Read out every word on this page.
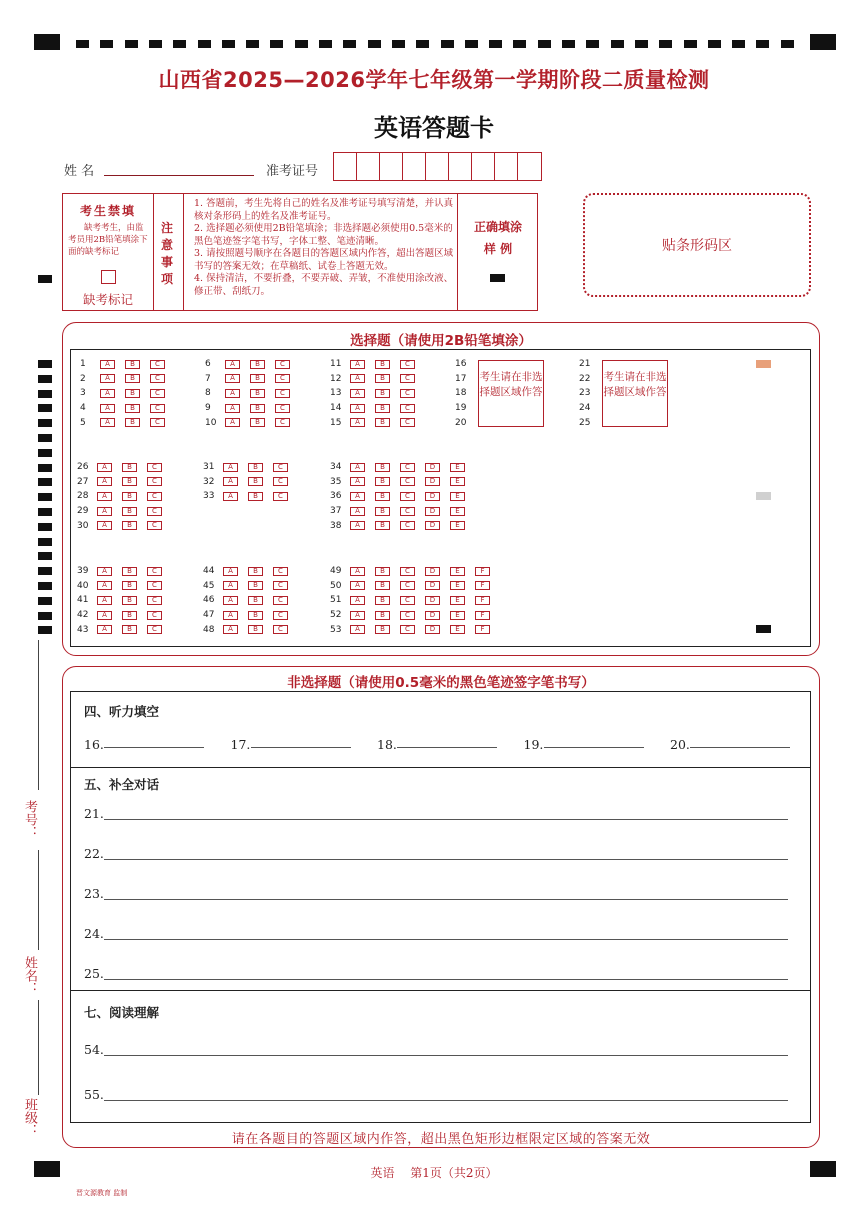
山西省2025—2026学年七年级第一学期阶段二质量检测
英语答题卡
姓 名	准考证号
考生禁填
缺考考生，由监考员用2B铅笔填涂下面的缺考标记
缺考标记
注意事项
1. 答题前，考生先将自己的姓名及准考证号填写清楚，并认真核对条形码上的姓名及准考证号。
2. 选择题必须使用2B铅笔填涂；非选择题必须使用0.5毫米的黑色笔迹签字笔书写，字体工整、笔迹清晰。
3. 请按照题号顺序在各题目的答题区域内作答，超出答题区域书写的答案无效；在草稿纸、试卷上答题无效。
4. 保持清洁，不要折叠，不要弄破、弄皱，不准使用涂改液、修正带、刮纸刀。
正确填涂
样 例	贴条形码区
选择题（请使用2B铅笔填涂）
1	A	B	C
2	A	B	C
3	A	B	C
4	A	B	C
5	A	B	C
6	A	B	C
7	A	B	C
8	A	B	C
9	A	B	C
10	A	B	C
11	A	B	C
12	A	B	C
13	A	B	C
14	A	B	C
15	A	B	C
26	A	B	C
27	A	B	C
28	A	B	C
29	A	B	C
30	A	B	C
31	A	B	C
32	A	B	C
33	A	B	C
34	A	B	C	D	E
35	A	B	C	D	E
36	A	B	C	D	E
37	A	B	C	D	E
38	A	B	C	D	E
39	A	B	C
40	A	B	C
41	A	B	C
42	A	B	C
43	A	B	C
44	A	B	C
45	A	B	C
46	A	B	C
47	A	B	C
48	A	B	C
49	A	B	C	D	E	F
50	A	B	C	D	E	F
51	A	B	C	D	E	F
52	A	B	C	D	E	F
53	A	B	C	D	E	F
16
17
18
19
20
21
22
23
24
25
考生请在非选择题区域作答
考生请在非选择题区域作答
非选择题（请使用0.5毫米的黑色笔迹签字笔书写）
四、听力填空
五、补全对话
七、阅读理解
16.	17.	18.	19.	20.
21.
22.
23.
24.
25.
54.
55.
请在各题目的答题区域内作答，超出黑色矩形边框限定区域的答案无效
考号：
姓名：
班级：
英语　 第1页（共2页）
晋文源教育 监制
